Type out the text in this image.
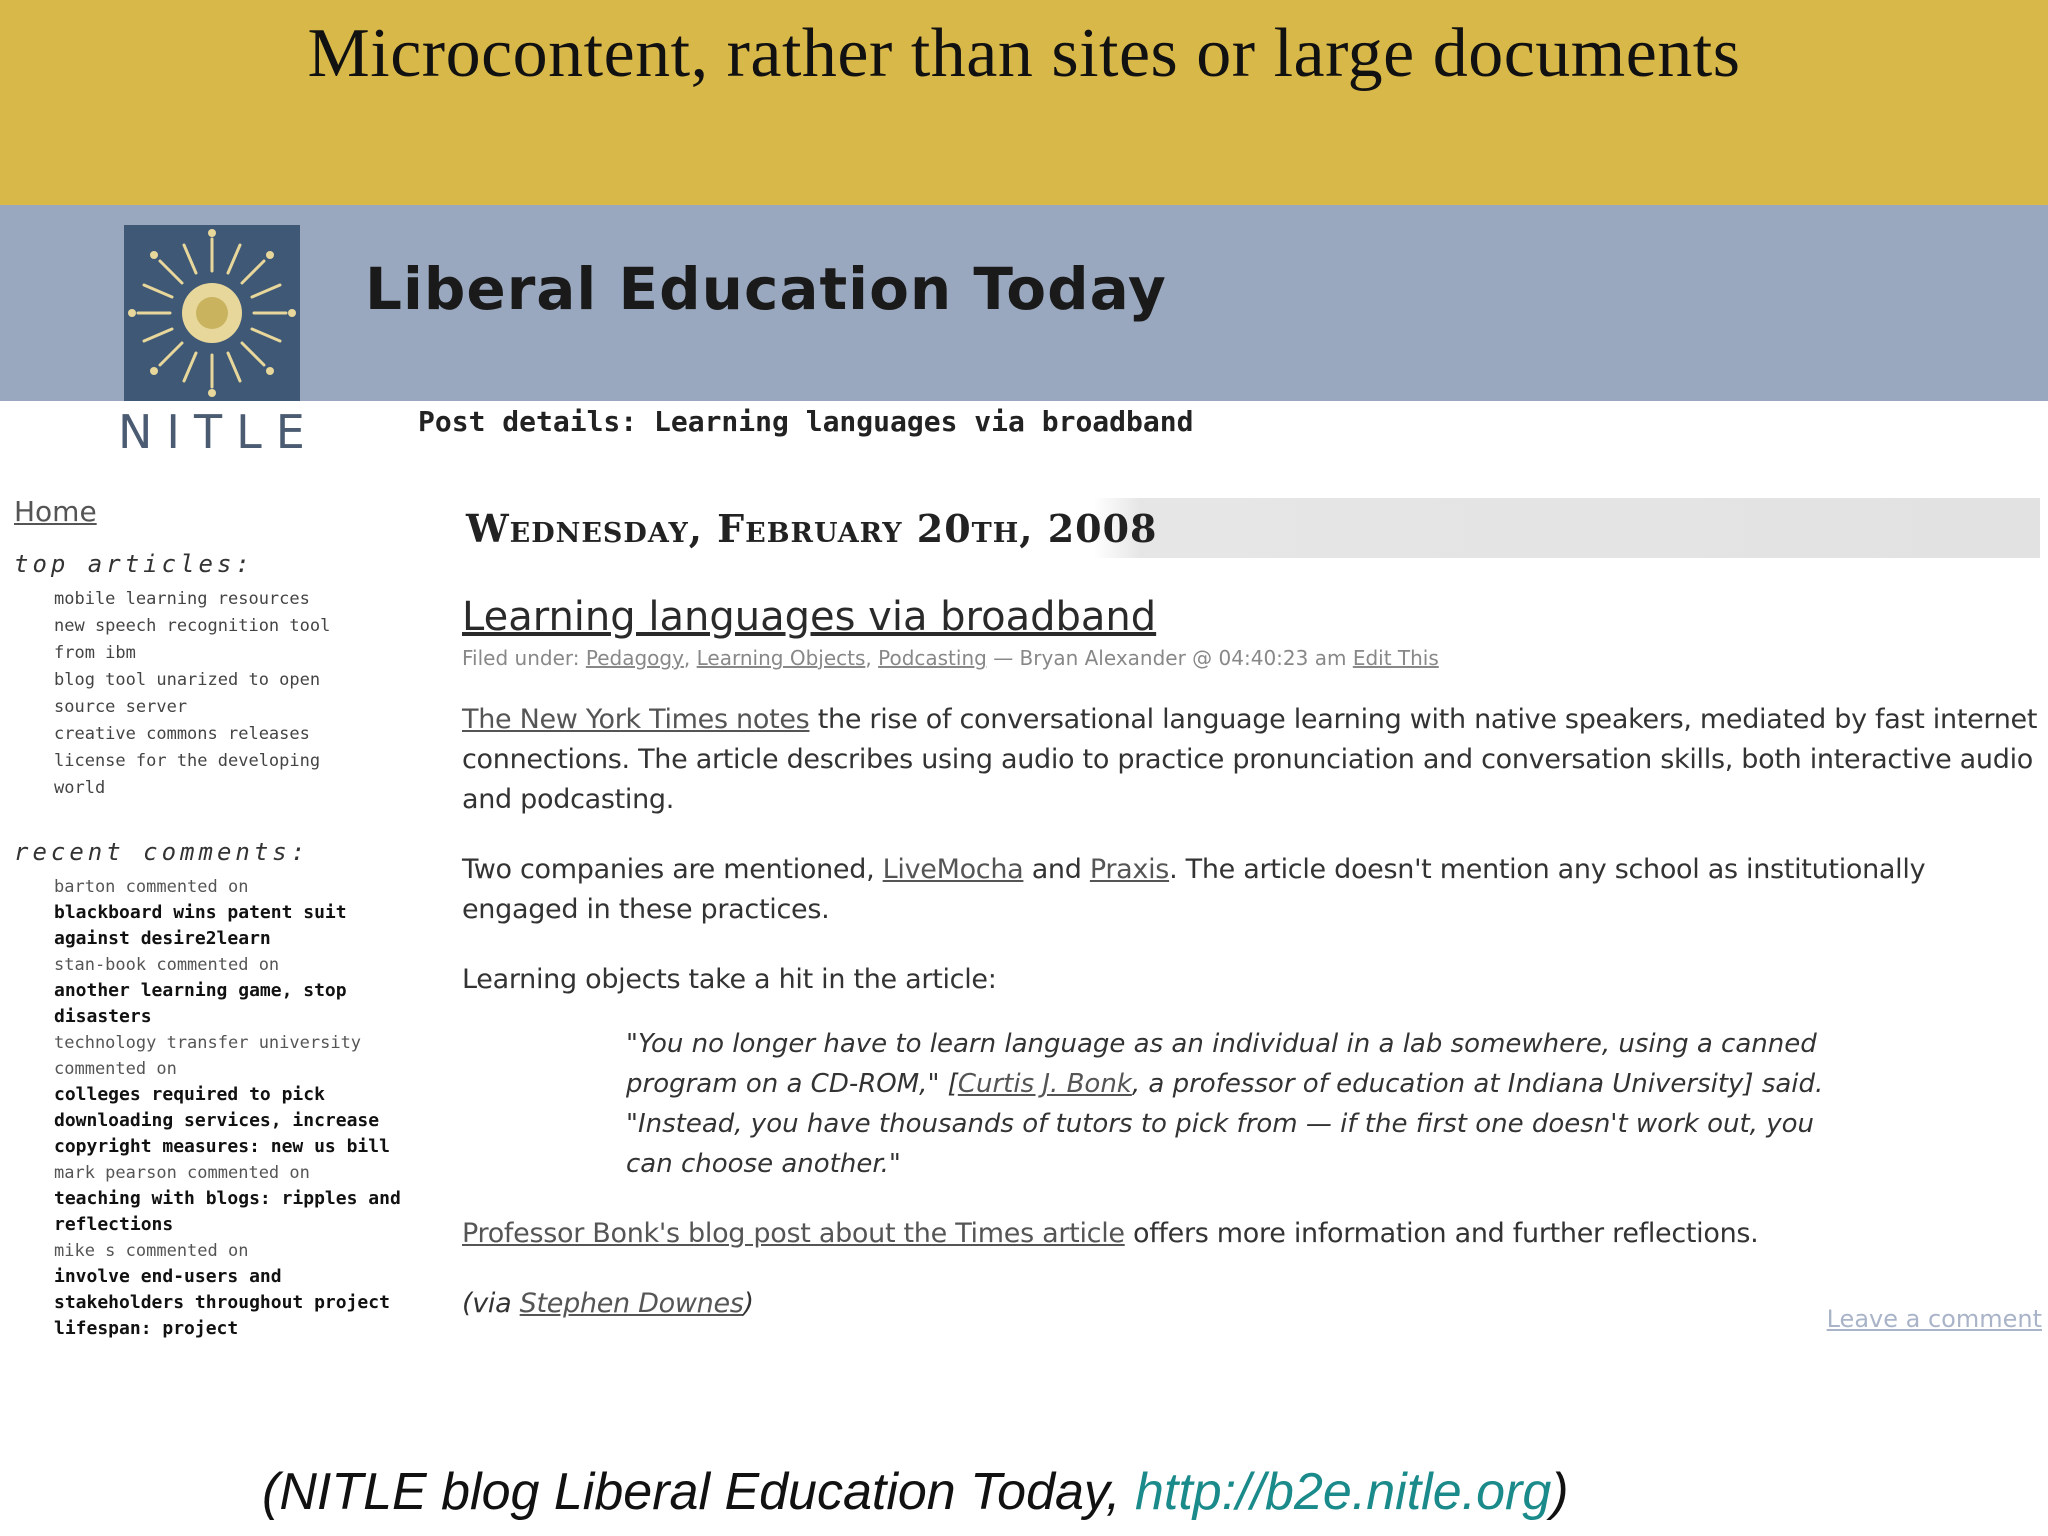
Microcontent, rather than sites or large documents
Liberal Education Today
NITLE	Post details: Learning languages via broadband
Home
top articles:
mobile learning resources
new speech recognition tool
from ibm
blog tool unarized to open
source server
creative commons releases
license for the developing
world
recent comments:
barton commented on
blackboard wins patent suit against desire2learn
stan-book commented on
another learning game, stop disasters
technology transfer university commented on
colleges required to pick downloading services, increase copyright measures: new us bill
mark pearson commented on
teaching with blogs: ripples and reflections
mike s commented on
involve end-users and stakeholders throughout project lifespan: project
Wednesday, February 20th, 2008
Learning languages via broadband
Filed under: Pedagogy, Learning Objects, Podcasting — Bryan Alexander @ 04:40:23 am Edit This

The New York Times notes the rise of conversational language learning with native speakers, mediated by fast internet connections. The article describes using audio to practice pronunciation and conversation skills, both interactive audio and podcasting.

Two companies are mentioned, LiveMocha and Praxis. The article doesn't mention any school as institutionally engaged in these practices.

Learning objects take a hit in the article:

"You no longer have to learn language as an individual in a lab somewhere, using a canned program on a CD-ROM," [Curtis J. Bonk, a professor of education at Indiana University] said. "Instead, you have thousands of tutors to pick from — if the first one doesn't work out, you can choose another."

Professor Bonk's blog post about the Times article offers more information and further reflections.

(via Stephen Downes)	Leave a comment
(NITLE blog Liberal Education Today, http://b2e.nitle.org)
